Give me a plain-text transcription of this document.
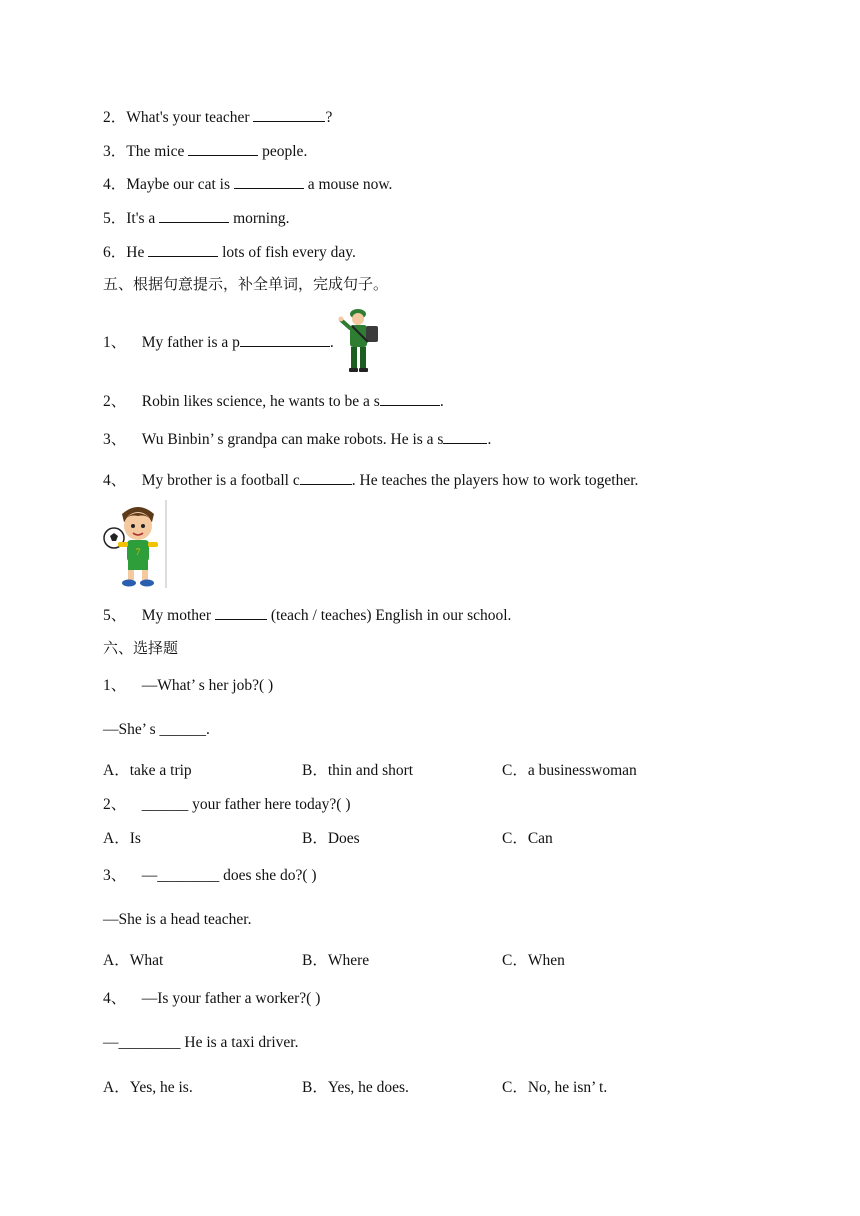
2．What's your teacher	?
3．The mice	people.
4．Maybe our cat is	a mouse now.
5．It's a	morning.
6．He	lots of fish every day.
五、根据句意提示，补全单词，完成句子。
1、 My father is a p	.
2、 Robin likes science, he wants to be a s	.
3、 Wu Binbin’ s grandpa can make robots. He is a s	.
4、 My brother is a football c	. He teaches the players how to work together.
7
5、 My mother	(teach / teaches) English in our school.
六、选择题
1、 —What’ s her job?( )
—She’ s ______.
A．take a trip	B．thin and short	C．a businesswoman
2、 ______ your father here today?( )
A．Is	B．Does	C．Can
3、 —________ does she do?( )
—She is a head teacher.
A．What	B．Where	C．When
4、 —Is your father a worker?( )
—________ He is a taxi driver.
A．Yes, he is.	B．Yes, he does.	C．No, he isn’ t.
